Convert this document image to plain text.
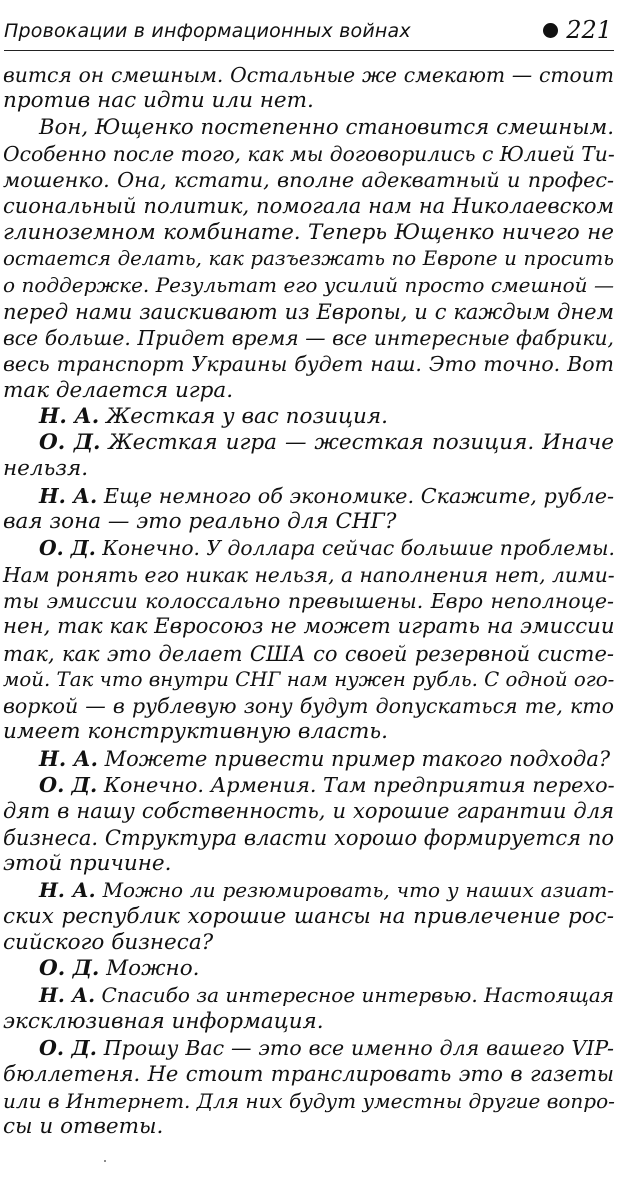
Провокации в информационных войнах	221
вится он смешным. Остальные же смекают — стоит
против нас идти или нет.
Вон, Ющенко постепенно становится смешным.
Особенно после того, как мы договорились с Юлией Ти-
мошенко. Она, кстати, вполне адекватный и профес-
сиональный политик, помогала нам на Николаевском
глиноземном комбинате. Теперь Ющенко ничего не
остается делать, как разъезжать по Европе и просить
о поддержке. Результат его усилий просто смешной —
перед нами заискивают из Европы, и с каждым днем
все больше. Придет время — все интересные фабрики,
весь транспорт Украины будет наш. Это точно. Вот
так делается игра.
Н. А. Жесткая у вас позиция.
О. Д. Жесткая игра — жесткая позиция. Иначе
нельзя.
Н. А. Еще немного об экономике. Скажите, рубле-
вая зона — это реально для СНГ?
О. Д. Конечно. У доллара сейчас большие проблемы.
Нам ронять его никак нельзя, а наполнения нет, лими-
ты эмиссии колоссально превышены. Евро неполноце-
нен, так как Евросоюз не может играть на эмиссии
так, как это делает США со своей резервной систе-
мой. Так что внутри СНГ нам нужен рубль. С одной ого-
воркой — в рублевую зону будут допускаться те, кто
имеет конструктивную власть.
Н. А. Можете привести пример такого подхода?
О. Д. Конечно. Армения. Там предприятия перехо-
дят в нашу собственность, и хорошие гарантии для
бизнеса. Структура власти хорошо формируется по
этой причине.
Н. А. Можно ли резюмировать, что у наших азиат-
ских республик хорошие шансы на привлечение рос-
сийского бизнеса?
О. Д. Можно.
Н. А. Спасибо за интересное интервью. Настоящая
эксклюзивная информация.
О. Д. Прошу Вас — это все именно для вашего VIP-
бюллетеня. Не стоит транслировать это в газеты
или в Интернет. Для них будут уместны другие вопро-
сы и ответы.
